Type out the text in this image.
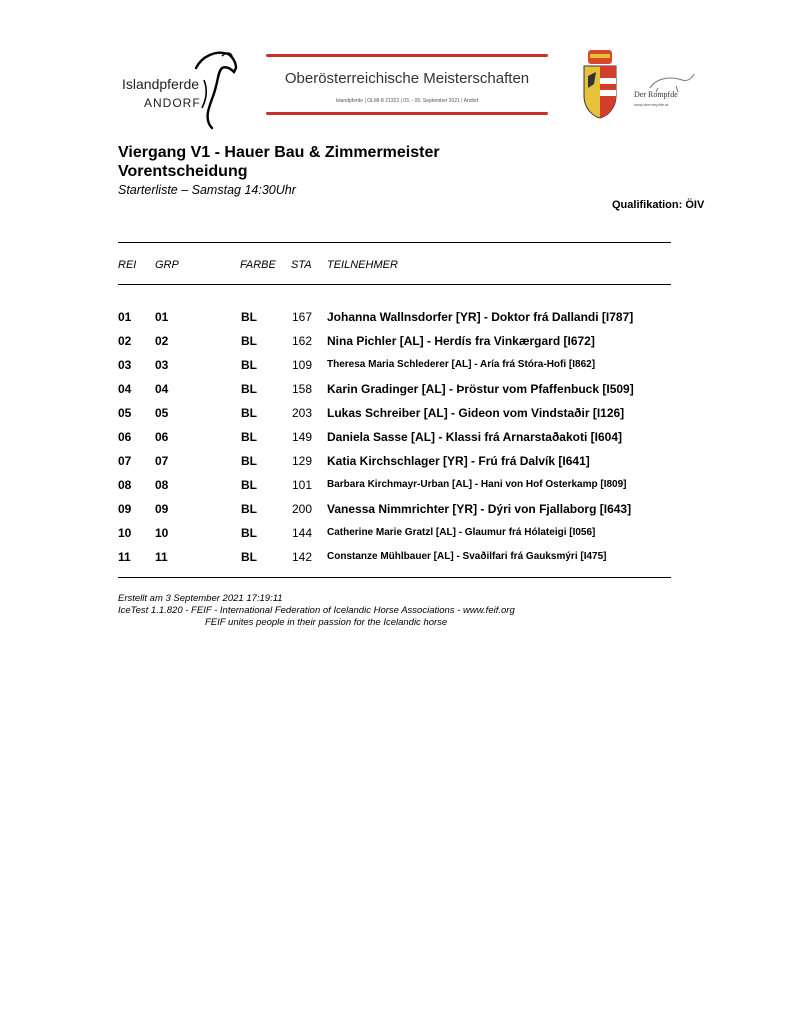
Islandpferde
ANDORF
Oberösterreichische Meisterschaften
Islandpferde | OLMI-8 21322 | 03. - 05. September 2021 | Andorf
Der Rompfde
www.derrompfde.at
Viergang V1 - Hauer Bau & Zimmermeister
Vorentscheidung
Starterliste – Samstag 14:30Uhr
Qualifikation: ÖIV
REI GRP	FARBE STA TEILNEHMER
01 01	BL	167 Johanna Wallnsdorfer [YR] - Doktor frá Dallandi [I787]
02 02	BL	162 Nina Pichler [AL] - Herdís fra Vinkærgard [I672]
03 03	BL	109 Theresa Maria Schlederer [AL] - Aría frá Stóra-Hofi [I862]
04 04	BL	158 Karin Gradinger [AL] - Þröstur vom Pfaffenbuck [I509]
05 05	BL	203 Lukas Schreiber [AL] - Gideon vom Vindstaðir [I126]
06 06	BL	149 Daniela Sasse [AL] - Klassi frá Arnarstaðakoti [I604]
07 07	BL	129 Katia Kirchschlager [YR] - Frú frá Dalvík [I641]
08 08	BL	101 Barbara Kirchmayr-Urban [AL] - Hani von Hof Osterkamp [I809]
09 09	BL	200 Vanessa Nimmrichter [YR] - Dýri von Fjallaborg [I643]
10 10	BL	144 Catherine Marie Gratzl [AL] - Glaumur frá Hólateigi [I056]
11 11	BL	142 Constanze Mühlbauer [AL] - Svaðilfari frá Gauksmýri [I475]
Erstellt am 3 September 2021 17:19:11
IceTest 1.1.820 - FEIF - International Federation of Icelandic Horse Associations - www.feif.org
FEIF unites people in their passion for the Icelandic horse
